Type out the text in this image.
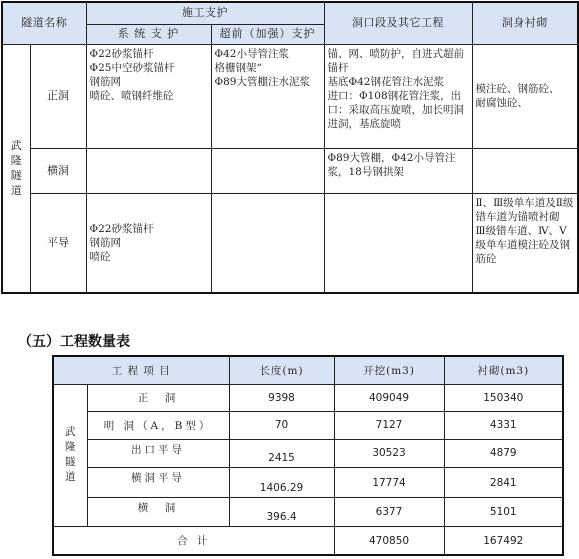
隧道名称		施工支护		洞口段及其它工程	洞身衬砌
		系 统 支 护	超前（加强）支护		

武
隆
隧
道	正洞	Φ22砂浆锚杆
Φ25中空砂浆锚杆
钢筋网
喷砼、喷钢纤维砼	Φ42小导管注浆
格栅钢架“
Φ89大管棚注水泥浆	锚、网、喷防护，自进式超前锚杆
基底Φ42钢花管注水泥浆
进口：Φ108钢花管注浆，出口：采取高压旋喷，加长明洞进洞，基底旋喷	模注砼、钢筋砼、
耐腐蚀砼、
	横洞			Φ89大管棚，Φ42小导管注浆，18号钢拱架	
	平导	Φ22砂浆锚杆
钢筋网
喷砼			Ⅱ、Ⅲ级单车道及Ⅱ级错车道为锚喷衬砌
Ⅲ级错车道、Ⅳ、Ⅴ级单车道模注砼及钢筋砼
（五）工程数量表
工 程 项 目		长度(m)	开挖(m3)	衬砌(m3)

武
隆
隧
道	正　洞	9398	409049	150340
	明 洞（A，B型）	70	7127	4331
	出口平导	2415	30523	4879
	横洞平导	1406.29	17774	2841
	横　洞	396.4	6377	5101
合 计			470850	167492
